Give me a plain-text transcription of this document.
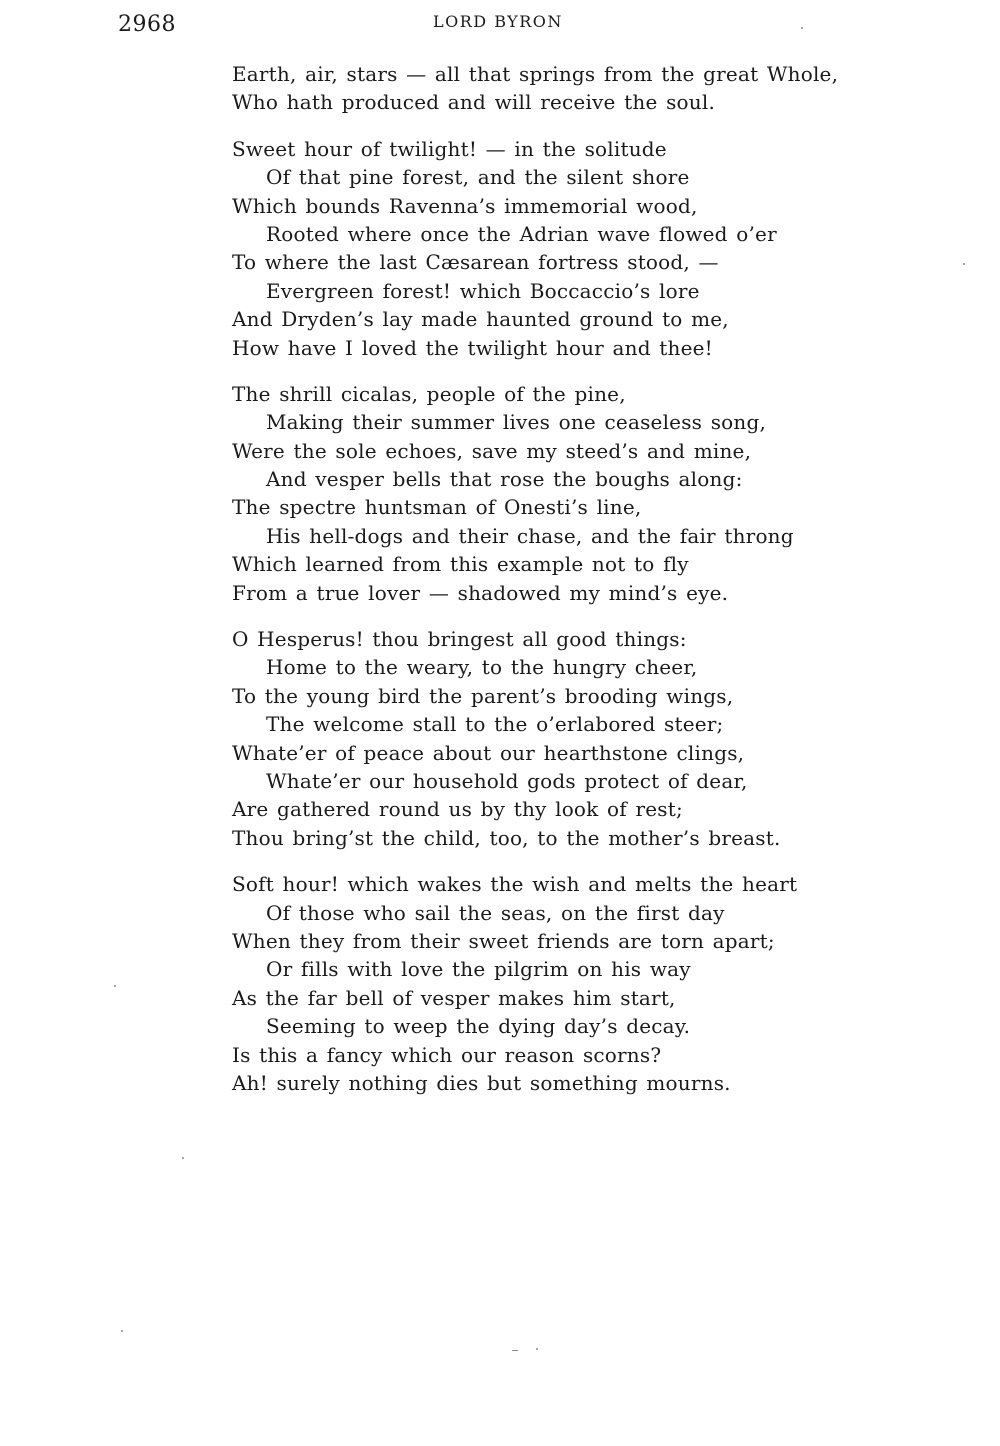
2968	LORD BYRON
Earth, air, stars — all that springs from the great Whole,
Who hath produced and will receive the soul.
Sweet hour of twilight! — in the solitude
Of that pine forest, and the silent shore
Which bounds Ravenna’s immemorial wood,
Rooted where once the Adrian wave flowed o’er
To where the last Cæsarean fortress stood, —
Evergreen forest! which Boccaccio’s lore
And Dryden’s lay made haunted ground to me,
How have I loved the twilight hour and thee!
The shrill cicalas, people of the pine,
Making their summer lives one ceaseless song,
Were the sole echoes, save my steed’s and mine,
And vesper bells that rose the boughs along:
The spectre huntsman of Onesti’s line,
His hell-dogs and their chase, and the fair throng
Which learned from this example not to fly
From a true lover — shadowed my mind’s eye.
O Hesperus! thou bringest all good things:
Home to the weary, to the hungry cheer,
To the young bird the parent’s brooding wings,
The welcome stall to the o’erlabored steer;
Whate’er of peace about our hearthstone clings,
Whate’er our household gods protect of dear,
Are gathered round us by thy look of rest;
Thou bring’st the child, too, to the mother’s breast.
Soft hour! which wakes the wish and melts the heart
Of those who sail the seas, on the first day
When they from their sweet friends are torn apart;
Or fills with love the pilgrim on his way
As the far bell of vesper makes him start,
Seeming to weep the dying day’s decay.
Is this a fancy which our reason scorns?
Ah! surely nothing dies but something mourns.
